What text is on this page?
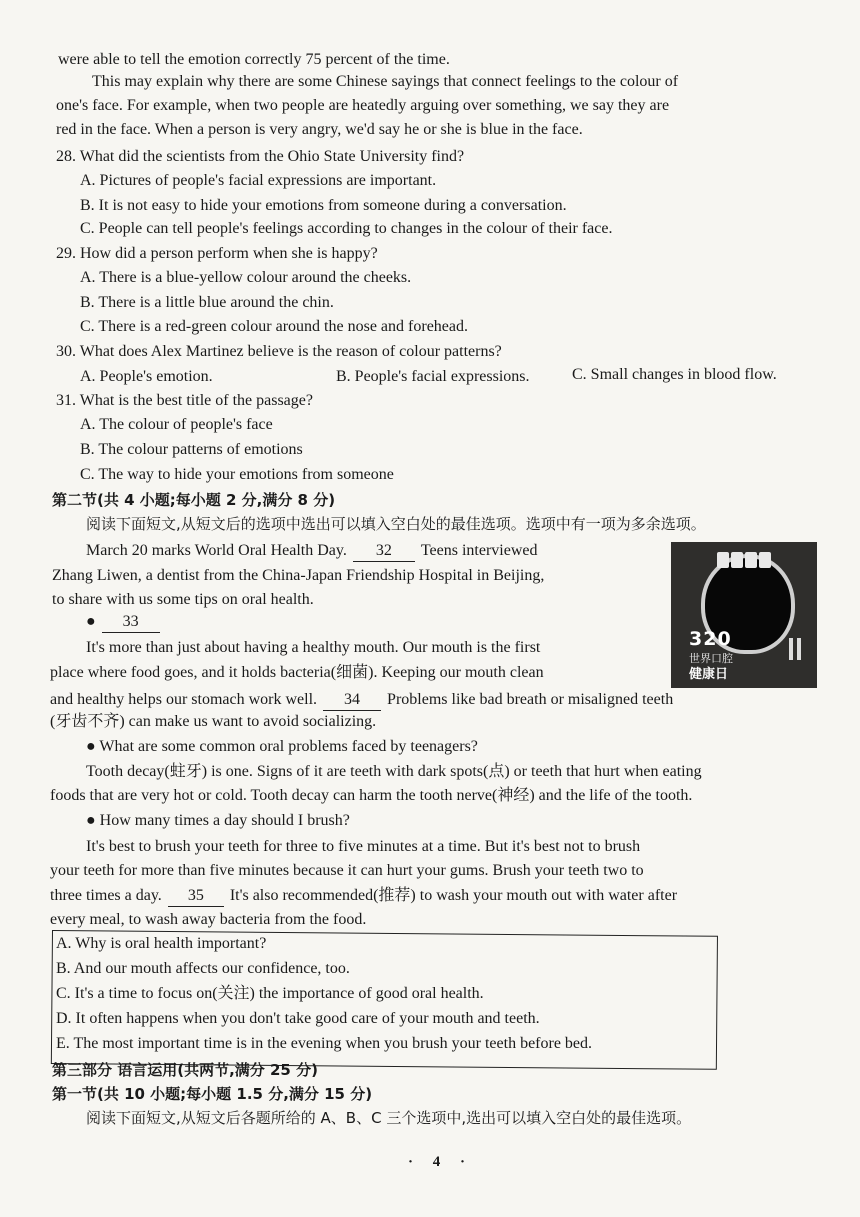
were able to tell the emotion correctly 75 percent of the time.
This may explain why there are some Chinese sayings that connect feelings to the colour of
one's face. For example, when two people are heatedly arguing over something, we say they are
red in the face. When a person is very angry, we'd say he or she is blue in the face.
28. What did the scientists from the Ohio State University find?
A. Pictures of people's facial expressions are important.
B. It is not easy to hide your emotions from someone during a conversation.
C. People can tell people's feelings according to changes in the colour of their face.
29. How did a person perform when she is happy?
A. There is a blue-yellow colour around the cheeks.
B. There is a little blue around the chin.
C. There is a red-green colour around the nose and forehead.
30. What does Alex Martinez believe is the reason of colour patterns?
A. People's emotion.	B. People's facial expressions.	C. Small changes in blood flow.
31. What is the best title of the passage?
A. The colour of people's face
B. The colour patterns of emotions
C. The way to hide your emotions from someone
第二节(共 4 小题;每小题 2 分,满分 8 分)
阅读下面短文,从短文后的选项中选出可以填入空白处的最佳选项。选项中有一项为多余选项。
March 20 marks World Oral Health Day. 32 Teens interviewed
Zhang Liwen, a dentist from the China-Japan Friendship Hospital in Beijing,
to share with us some tips on oral health.
● 33
It's more than just about having a healthy mouth. Our mouth is the first
place where food goes, and it holds bacteria(细菌). Keeping our mouth clean
and healthy helps our stomach work well. 34 Problems like bad breath or misaligned teeth
(牙齿不齐) can make us want to avoid socializing.
● What are some common oral problems faced by teenagers?
Tooth decay(蛀牙) is one. Signs of it are teeth with dark spots(点) or teeth that hurt when eating
foods that are very hot or cold. Tooth decay can harm the tooth nerve(神经) and the life of the tooth.
● How many times a day should I brush?
It's best to brush your teeth for three to five minutes at a time. But it's best not to brush
your teeth for more than five minutes because it can hurt your gums. Brush your teeth two to
three times a day. 35 It's also recommended(推荐) to wash your mouth out with water after
every meal, to wash away bacteria from the food.
320
世界口腔
健康日
A. Why is oral health important?
B. And our mouth affects our confidence, too.
C. It's a time to focus on(关注) the importance of good oral health.
D. It often happens when you don't take good care of your mouth and teeth.
E. The most important time is in the evening when you brush your teeth before bed.
第三部分 语言运用(共两节,满分 25 分)
第一节(共 10 小题;每小题 1.5 分,满分 15 分)
阅读下面短文,从短文后各题所给的 A、B、C 三个选项中,选出可以填入空白处的最佳选项。
· 4 ·
